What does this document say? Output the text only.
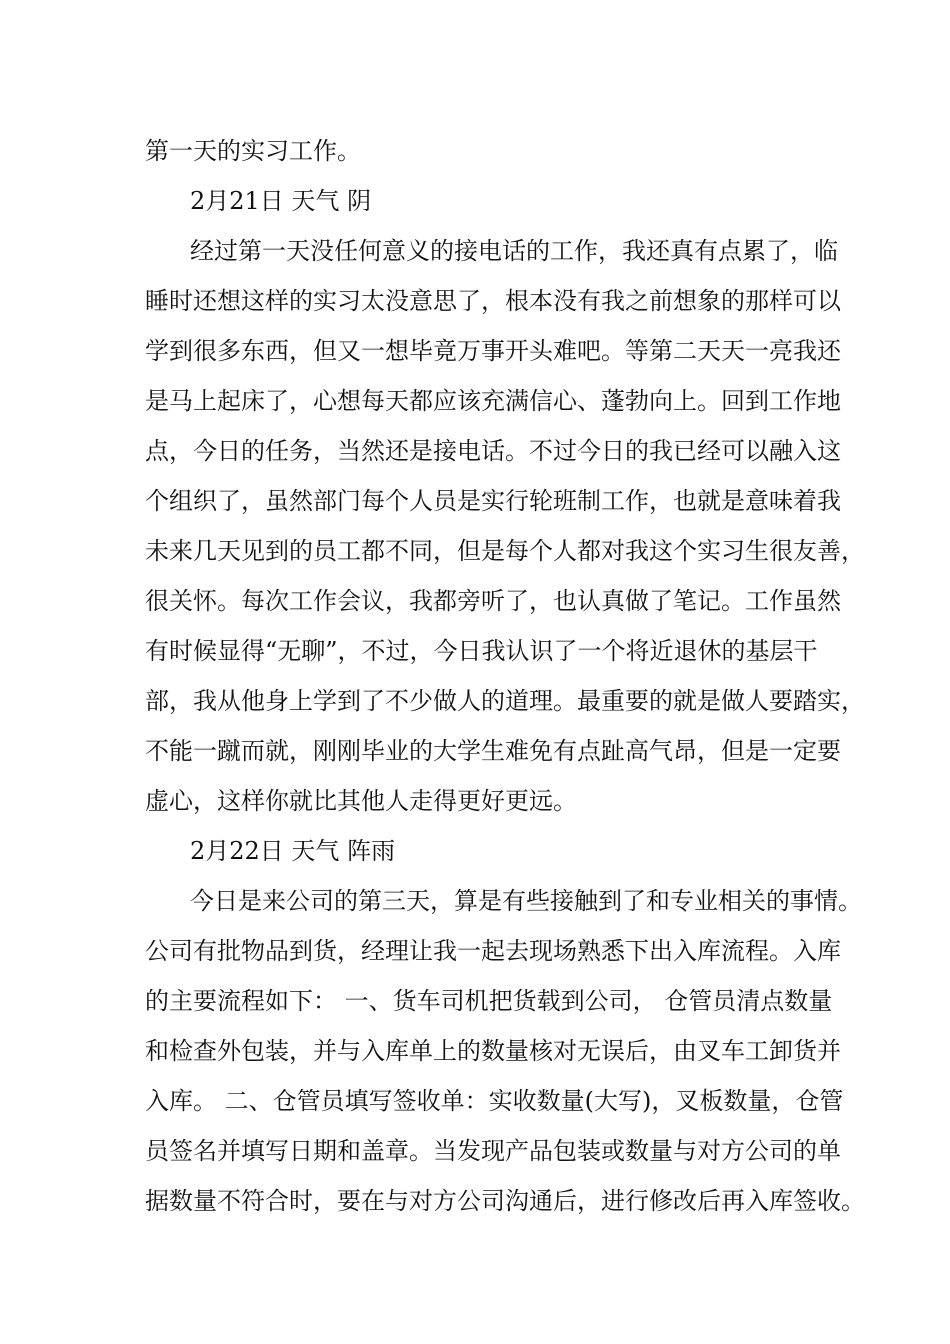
第一天的实习工作。
2月21日 天气 阴
经过第一天没任何意义的接电话的工作，我还真有点累了，临
睡时还想这样的实习太没意思了，根本没有我之前想象的那样可以
学到很多东西，但又一想毕竟万事开头难吧。等第二天天一亮我还
是马上起床了，心想每天都应该充满信心、蓬勃向上。回到工作地
点，今日的任务，当然还是接电话。不过今日的我已经可以融入这
个组织了，虽然部门每个人员是实行轮班制工作，也就是意味着我
未来几天见到的员工都不同，但是每个人都对我这个实习生很友善，
很关怀。每次工作会议，我都旁听了，也认真做了笔记。工作虽然
有时候显得“无聊”，不过，今日我认识了一个将近退休的基层干
部，我从他身上学到了不少做人的道理。最重要的就是做人要踏实，
不能一蹴而就，刚刚毕业的大学生难免有点趾高气昂，但是一定要
虚心，这样你就比其他人走得更好更远。
2月22日 天气 阵雨
今日是来公司的第三天，算是有些接触到了和专业相关的事情。
公司有批物品到货，经理让我一起去现场熟悉下出入库流程。入库
的主要流程如下： 一、货车司机把货载到公司， 仓管员清点数量
和检查外包装，并与入库单上的数量核对无误后，由叉车工卸货并
入库。 二、仓管员填写签收单：实收数量(大写)，叉板数量，仓管
员签名并填写日期和盖章。当发现产品包装或数量与对方公司的单
据数量不符合时，要在与对方公司沟通后，进行修改后再入库签收。
